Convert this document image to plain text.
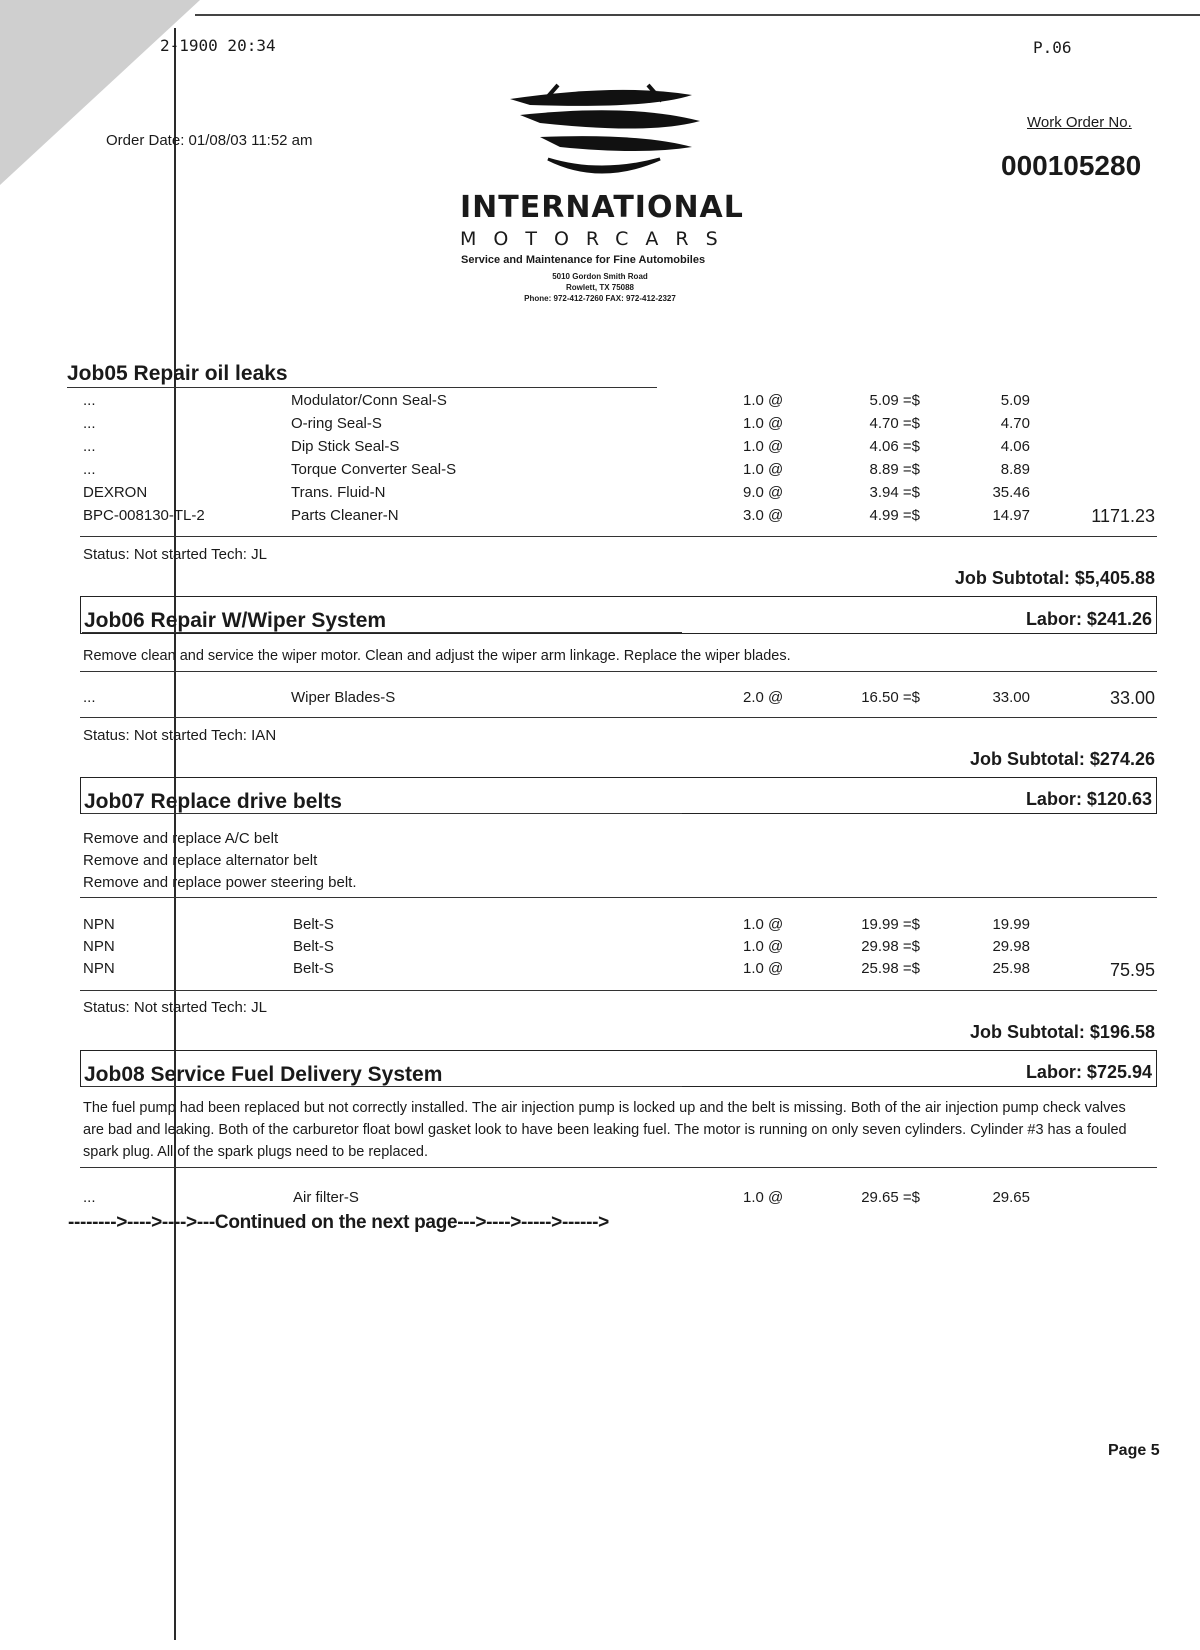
2-1900 20:34	P.06
Order Date: 01/08/03 11:52 am
Work Order No.
000105280
INTERNATIONAL
MOTORCARS
Service and Maintenance for Fine Automobiles
5010 Gordon Smith Road
Rowlett, TX 75088
Phone: 972-412-7260 FAX: 972-412-2327
Job05 Repair oil leaks
...	Modulator/Conn Seal-S	1.0 @	5.09 =$	5.09
...	O-ring Seal-S	1.0 @	4.70 =$	4.70
...	Dip Stick Seal-S	1.0 @	4.06 =$	4.06
...	Torque Converter Seal-S	1.0 @	8.89 =$	8.89
DEXRON	Trans. Fluid-N	9.0 @	3.94 =$	35.46
BPC-008130-TL-2	Parts Cleaner-N	3.0 @	4.99 =$	14.97	1171.23
Status: Not started Tech: JL
Job Subtotal: $5,405.88
Job06 Repair W/Wiper System	Labor: $241.26
Remove clean and service the wiper motor. Clean and adjust the wiper arm linkage. Replace the wiper blades.
...	Wiper Blades-S	2.0 @	16.50 =$	33.00	33.00
Status: Not started Tech: IAN
Job Subtotal: $274.26
Job07 Replace drive belts	Labor: $120.63
Remove and replace A/C belt
Remove and replace alternator belt
Remove and replace power steering belt.
NPN	Belt-S	1.0 @	19.99 =$	19.99
NPN	Belt-S	1.0 @	29.98 =$	29.98
NPN	Belt-S	1.0 @	25.98 =$	25.98	75.95
Status: Not started Tech: JL
Job Subtotal: $196.58
Job08 Service Fuel Delivery System	Labor: $725.94
The fuel pump had been replaced but not correctly installed. The air injection pump is locked up and the belt is missing. Both of the air injection pump check valves are bad and leaking. Both of the carburetor float bowl gasket look to have been leaking fuel. The motor is running on only seven cylinders. Cylinder #3 has a fouled spark plug. All of the spark plugs need to be replaced.
...	Air filter-S	1.0 @	29.65 =$	29.65
-------->---->---->---Continued on the next page--->---->----->------>
Page 5
